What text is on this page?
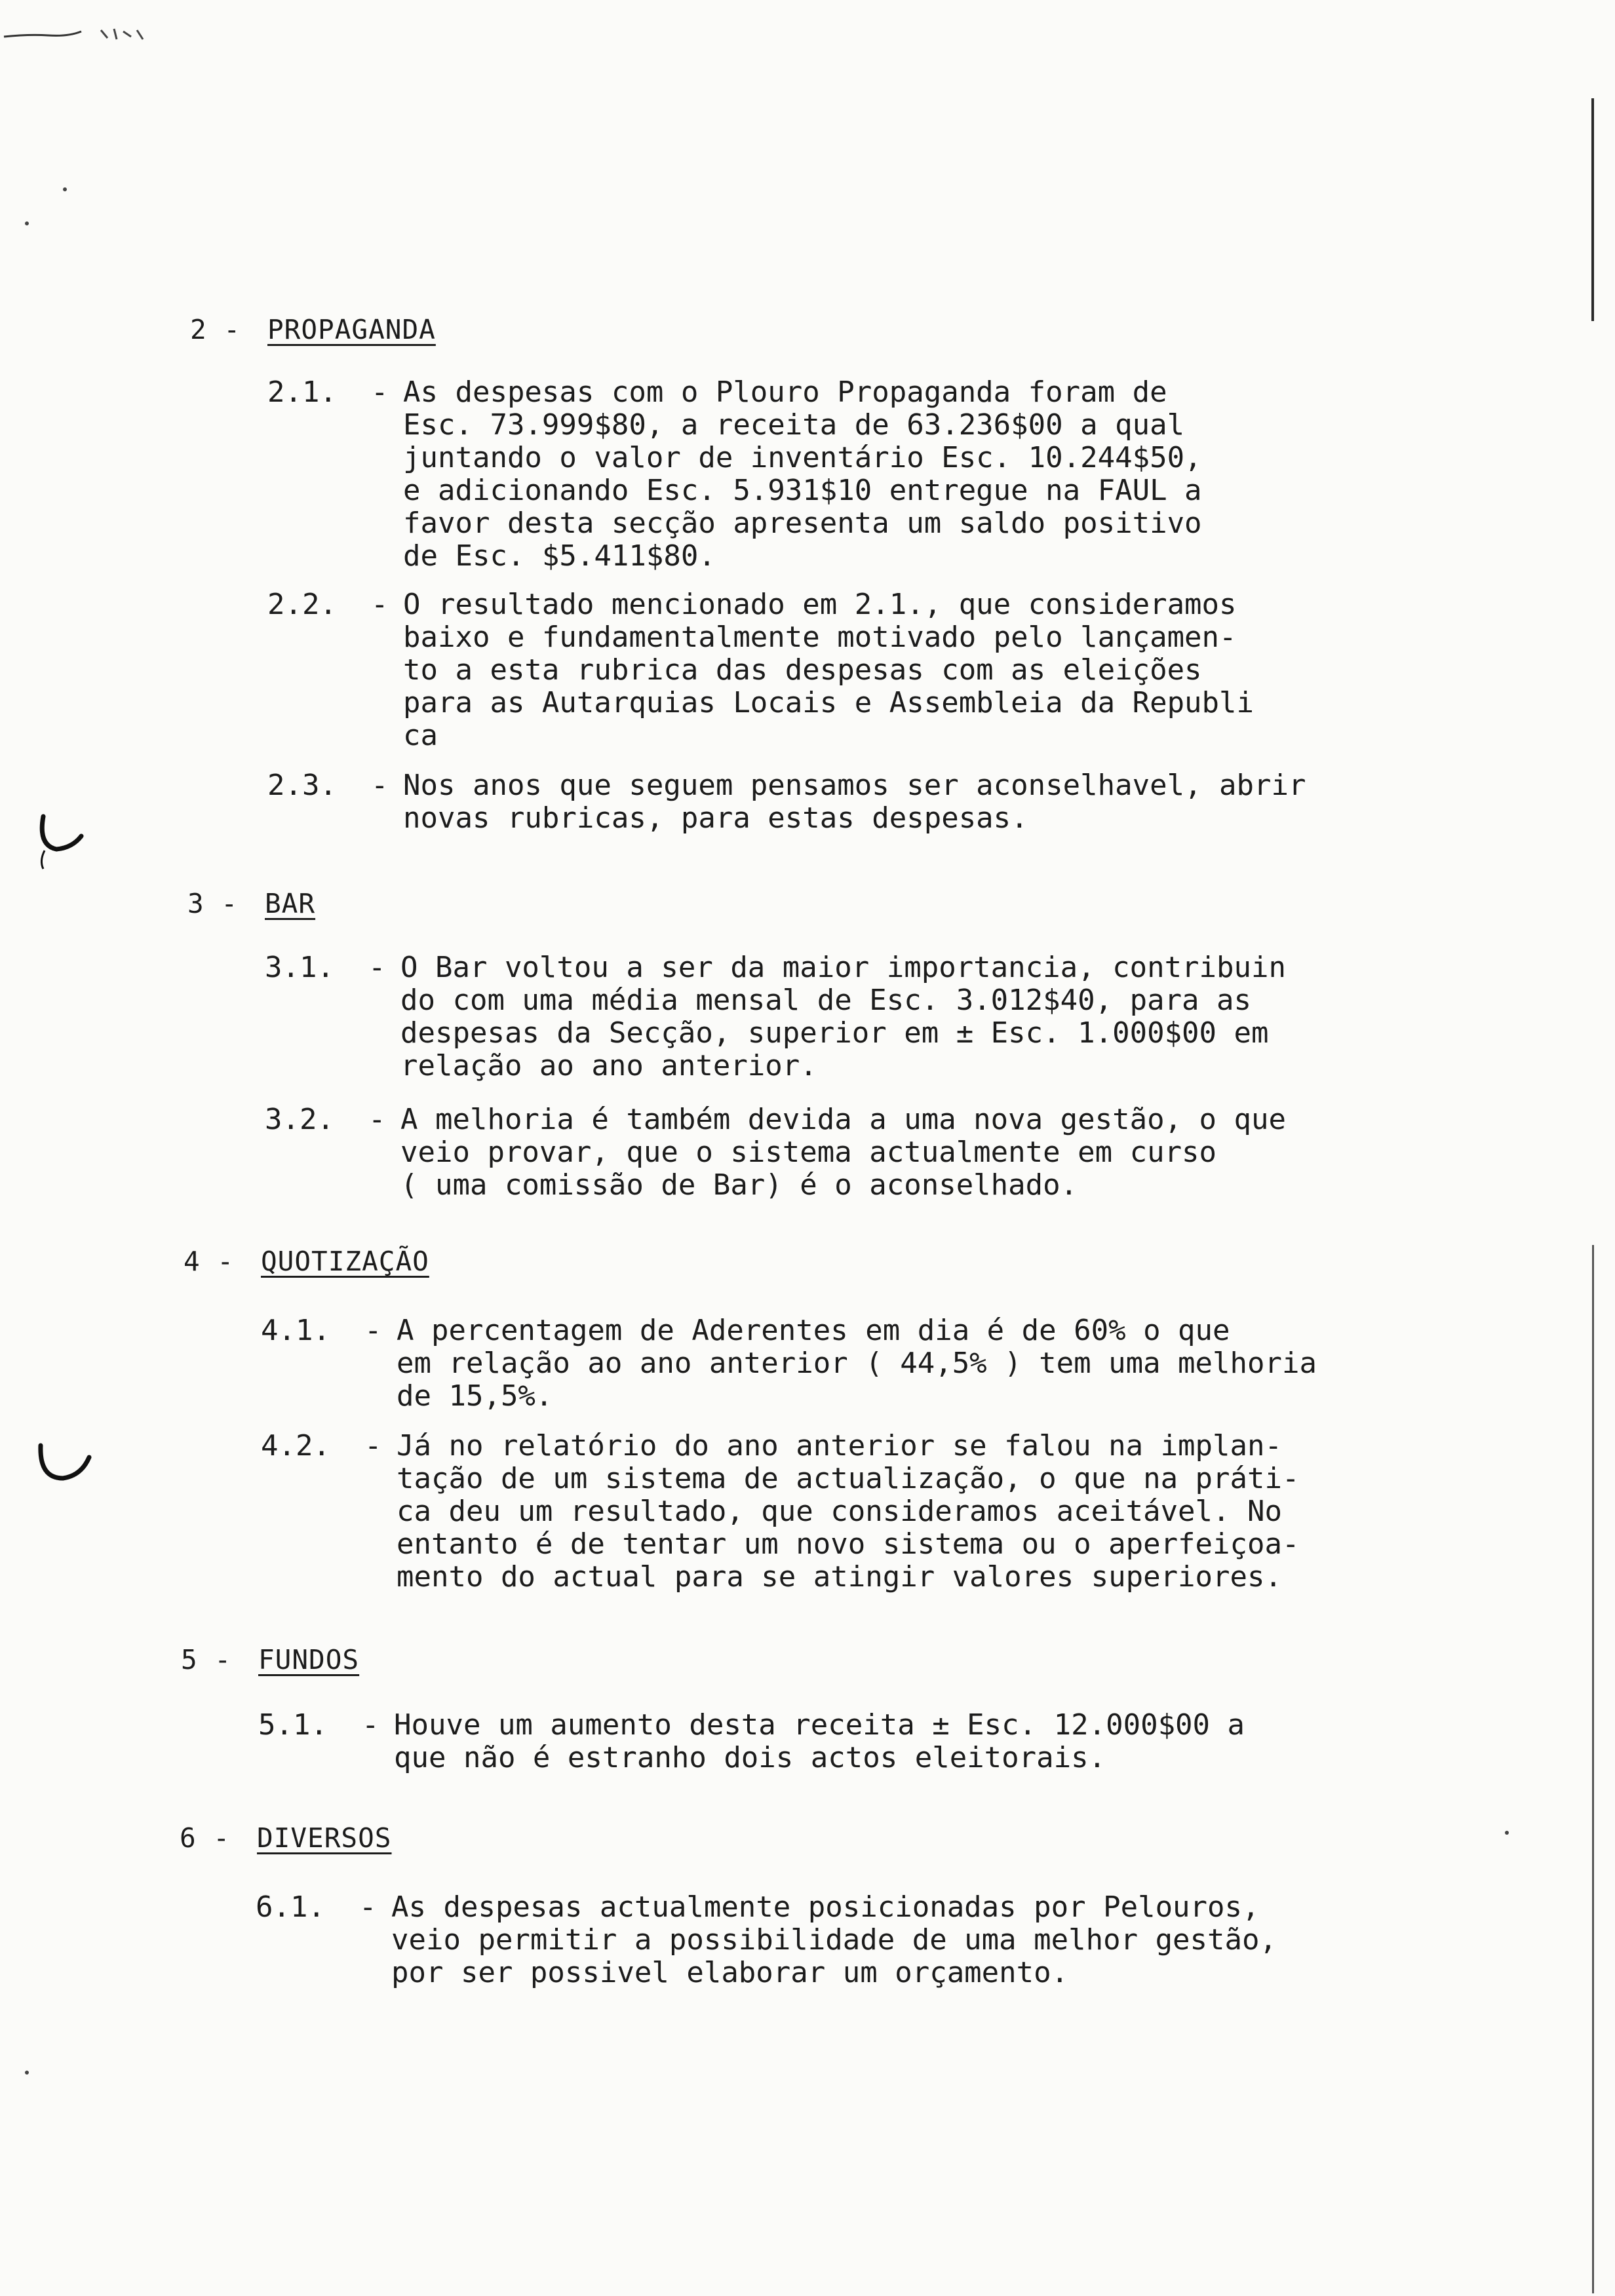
2 - PROPAGANDA
2.1.	- As despesas com o Plouro Propaganda foram de
Esc. 73.999$80, a receita de 63.236$00 a qual
juntando o valor de inventário Esc. 10.244$50,
e adicionando Esc. 5.931$10 entregue na FAUL a
favor desta secção apresenta um saldo positivo
de Esc. $5.411$80.
2.2.	- O resultado mencionado em 2.1., que consideramos
baixo e fundamentalmente motivado pelo lançamen-
to a esta rubrica das despesas com as eleições
para as Autarquias Locais e Assembleia da Republi
ca
2.3.	- Nos anos que seguem pensamos ser aconselhavel, abrir
novas rubricas, para estas despesas.
3 - BAR
3.1.	- O Bar voltou a ser da maior importancia, contribuin
do com uma média mensal de Esc. 3.012$40, para as
despesas da Secção, superior em ± Esc. 1.000$00 em
relação ao ano anterior.
3.2.	- A melhoria é também devida a uma nova gestão, o que
veio provar, que o sistema actualmente em curso
( uma comissão de Bar) é o aconselhado.
4 - QUOTIZAÇÃO
4.1.	- A percentagem de Aderentes em dia é de 60% o que
em relação ao ano anterior ( 44,5% ) tem uma melhoria
de 15,5%.
4.2.	- Já no relatório do ano anterior se falou na implan-
tação de um sistema de actualização, o que na práti-
ca deu um resultado, que consideramos aceitável. No
entanto é de tentar um novo sistema ou o aperfeiçoa-
mento do actual para se atingir valores superiores.
5 - FUNDOS
5.1.	- Houve um aumento desta receita ± Esc. 12.000$00 a
que não é estranho dois actos eleitorais.
6 - DIVERSOS
6.1.	- As despesas actualmente posicionadas por Pelouros,
veio permitir a possibilidade de uma melhor gestão,
por ser possivel elaborar um orçamento.
